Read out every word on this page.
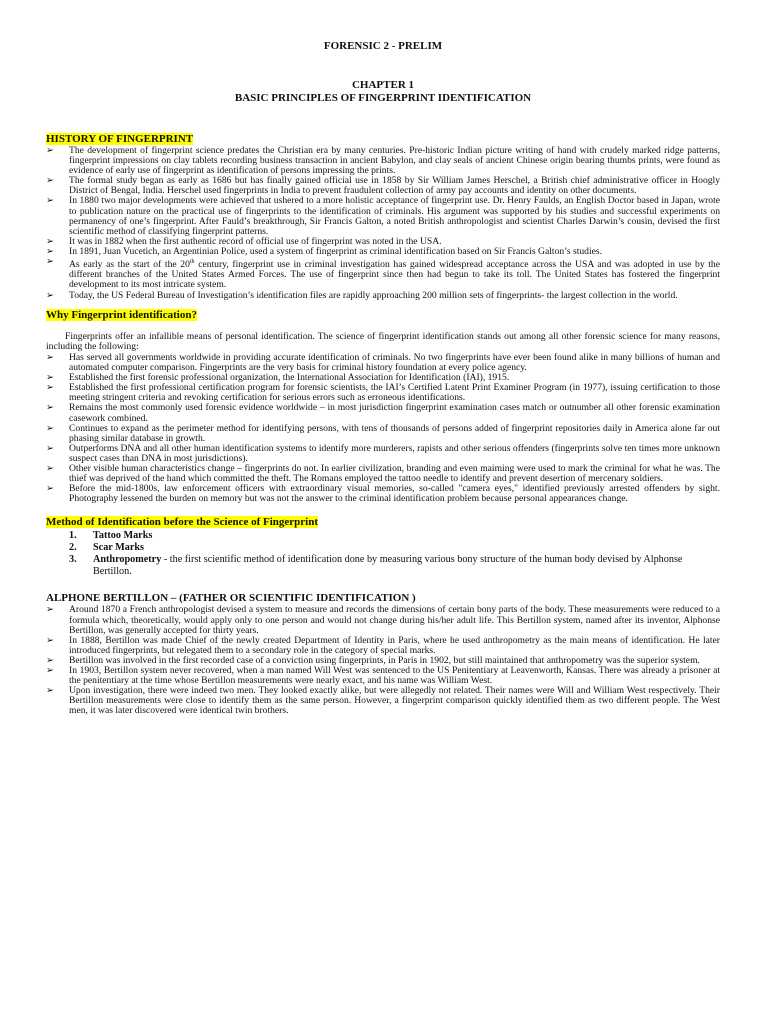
FORENSIC 2 - PRELIM
CHAPTER 1
BASIC PRINCIPLES OF FINGERPRINT IDENTIFICATION
HISTORY OF FINGERPRINT
➢ The development of fingerprint science predates the Christian era by many centuries. Pre-historic Indian picture writing of hand with crudely marked ridge patterns, fingerprint impressions on clay tablets recording business transaction in ancient Babylon, and clay seals of ancient Chinese origin bearing thumbs prints, were found as evidence of early use of fingerprint as identification of persons impressing the prints.
➢ The formal study began as early as 1686 but has finally gained official use in 1858 by Sir William James Herschel, a British chief administrative officer in Hoogly District of Bengal, India. Herschel used fingerprints in India to prevent fraudulent collection of army pay accounts and identity on other documents.
➢ In 1880 two major developments were achieved that ushered to a more holistic acceptance of fingerprint use. Dr. Henry Faulds, an English Doctor based in Japan, wrote to publication nature on the practical use of fingerprints to the identification of criminals. His argument was supported by his studies and successful experiments on permanency of one’s fingerprint. After Fauld’s breakthrough, Sir Francis Galton, a noted British anthropologist and scientist Charles Darwin’s cousin, devised the first scientific method of classifying fingerprint patterns.
➢ It was in 1882 when the first authentic record of official use of fingerprint was noted in the USA.
➢ In 1891, Juan Vucetich, an Argentinian Police, used a system of fingerprint as criminal identification based on Sir Francis Galton’s studies.
➢ As early as the start of the 20th century, fingerprint use in criminal investigation has gained widespread acceptance across the USA and was adopted in use by the different branches of the United States Armed Forces. The use of fingerprint since then had begun to take its toll. The United States has fostered the fingerprint development to its most intricate system.
➢ Today, the US Federal Bureau of Investigation’s identification files are rapidly approaching 200 million sets of fingerprints- the largest collection in the world.
Why Fingerprint identification?

Fingerprints offer an infallible means of personal identification. The science of fingerprint identification stands out among all other forensic science for many reasons, including the following:

➢ Has served all governments worldwide in providing accurate identification of criminals. No two fingerprints have ever been found alike in many billions of human and automated computer comparison. Fingerprints are the very basis for criminal history foundation at every police agency.
➢ Established the first forensic professional organization, the International Association for Identification (IAI), 1915.
➢ Established the first professional certification program for forensic scientists, the IAI’s Certified Latent Print Examiner Program (in 1977), issuing certification to those meeting stringent criteria and revoking certification for serious errors such as erroneous identifications.
➢ Remains the most commonly used forensic evidence worldwide – in most jurisdiction fingerprint examination cases match or outnumber all other forensic examination casework combined.
➢ Continues to expand as the perimeter method for identifying persons, with tens of thousands of persons added of fingerprint repositories daily in America alone far out phasing similar database in growth.
➢ Outperforms DNA and all other human identification systems to identify more murderers, rapists and other serious offenders (fingerprints solve ten times more unknown suspect cases than DNA in most jurisdictions).
➢ Other visible human characteristics change – fingerprints do not. In earlier civilization, branding and even maiming were used to mark the criminal for what he was. The thief was deprived of the hand which committed the theft. The Romans employed the tattoo needle to identify and prevent desertion of mercenary soldiers.
➢ Before the mid-1800s, law enforcement officers with extraordinary visual memories, so-called "camera eyes," identified previously arrested offenders by sight. Photography lessened the burden on memory but was not the answer to the criminal identification problem because personal appearances change.
Method of Identification before the Science of Fingerprint
1. Tattoo Marks
2. Scar Marks
3. Anthropometry - the first scientific method of identification done by measuring various bony structure of the human body devised by Alphonse Bertillon.
ALPHONE BERTILLON – (FATHER OR SCIENTIFIC IDENTIFICATION )
➢ Around 1870 a French anthropologist devised a system to measure and records the dimensions of certain bony parts of the body. These measurements were reduced to a formula which, theoretically, would apply only to one person and would not change during his/her adult life. This Bertillon system, named after its inventor, Alphonse Bertillon, was generally accepted for thirty years.
➢ In 1888, Bertillon was made Chief of the newly created Department of Identity in Paris, where he used anthropometry as the main means of identification. He later introduced fingerprints, but relegated them to a secondary role in the category of special marks.
➢ Bertillon was involved in the first recorded case of a conviction using fingerprints, in Paris in 1902, but still maintained that anthropometry was the superior system.
➢ In 1903, Bertillon system never recovered, when a man named Will West was sentenced to the US Penitentiary at Leavenworth, Kansas. There was already a prisoner at the penitentiary at the time whose Bertillon measurements were nearly exact, and his name was William West.
➢ Upon investigation, there were indeed two men. They looked exactly alike, but were allegedly not related. Their names were Will and William West respectively. Their Bertillon measurements were close to identify them as the same person. However, a fingerprint comparison quickly identified them as two different people. The West men, it was later discovered were identical twin brothers.
